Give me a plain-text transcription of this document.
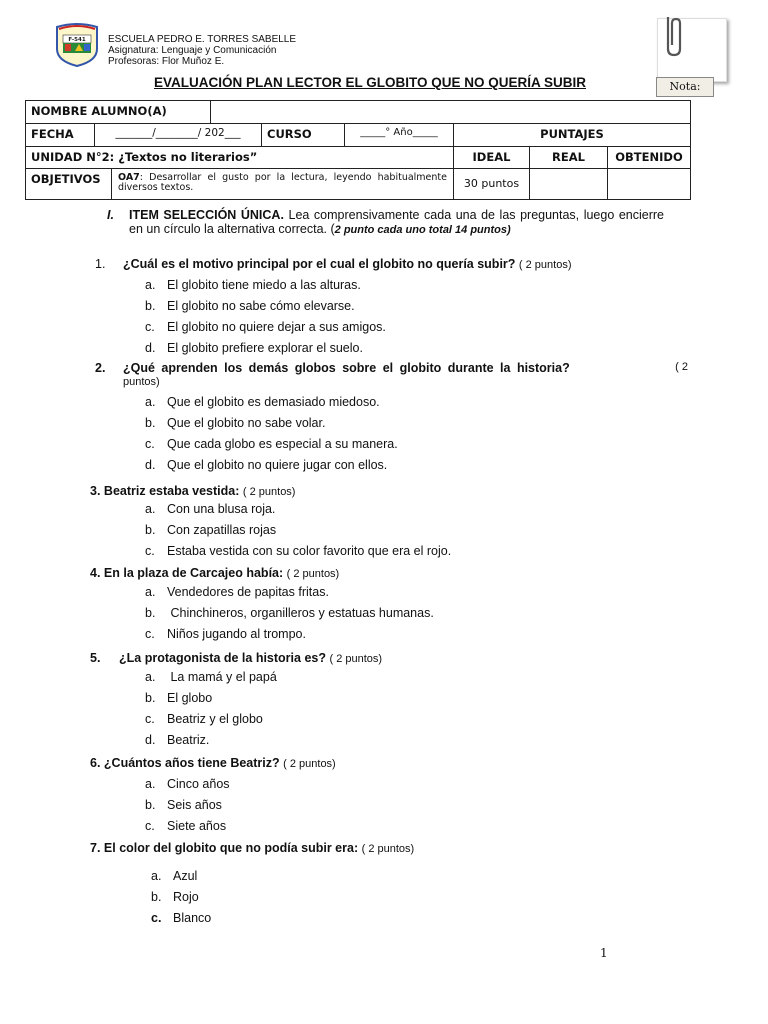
F-541 ESCUELA PEDRO E. TORRES SABELLE
Asignatura: Lenguaje y Comunicación
Profesoras: Flor Muñoz E.
Nota:
EVALUACIÓN PLAN LECTOR EL GLOBITO QUE NO QUERÍA SUBIR
NOMBRE ALUMNO(A)
FECHA	_______/________/ 202___	CURSO	_____° Año_____	PUNTAJES
UNIDAD N°2: ¿Textos no literarios”	IDEAL	REAL	OBTENIDO
OBJETIVOS	OA7: Desarrollar el gusto por la lectura, leyendo habitualmente diversos textos.	30 puntos
I. ITEM SELECCIÓN ÚNICA. Lea comprensivamente cada una de las preguntas, luego encierre en un círculo la alternativa correcta. (2 punto cada uno total 14 puntos)
1. ¿Cuál es el motivo principal por el cual el globito no quería subir? ( 2 puntos)
a. El globito tiene miedo a las alturas.
b. El globito no sabe cómo elevarse.
c. El globito no quiere dejar a sus amigos.
d. El globito prefiere explorar el suelo.
2. ¿Qué aprenden los demás globos sobre el globito durante la historia?	( 2
puntos)
a. Que el globito es demasiado miedoso.
b. Que el globito no sabe volar.
c. Que cada globo es especial a su manera.
d. Que el globito no quiere jugar con ellos.
3. Beatriz estaba vestida: ( 2 puntos)
a. Con una blusa roja.
b. Con zapatillas rojas
c. Estaba vestida con su color favorito que era el rojo.
4. En la plaza de Carcajeo había: ( 2 puntos)
a. Vendedores de papitas fritas.
b. Chinchineros, organilleros y estatuas humanas.
c. Niños jugando al trompo.
5. ¿La protagonista de la historia es? ( 2 puntos)
a. La mamá y el papá
b. El globo
c. Beatriz y el globo
d. Beatriz.
6. ¿Cuántos años tiene Beatriz? ( 2 puntos)
a. Cinco años
b. Seis años
c. Siete años
7. El color del globito que no podía subir era: ( 2 puntos)
a. Azul
b. Rojo
c. Blanco
1
